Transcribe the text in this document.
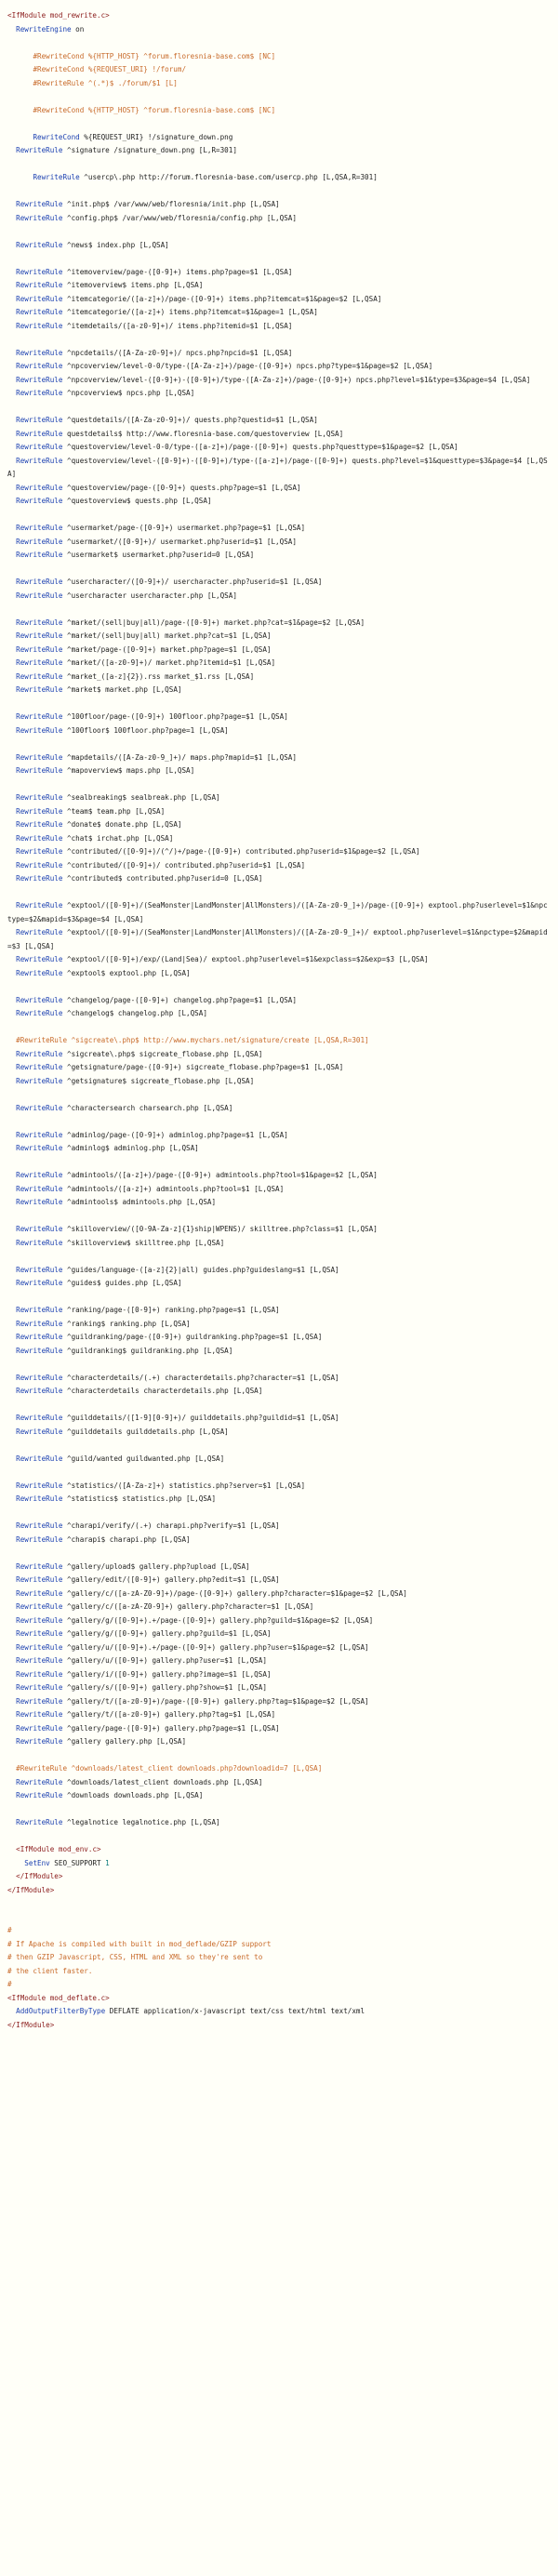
<IfModule mod_rewrite.c>
RewriteEngine on
#RewriteCond %{HTTP_HOST} ^forum.floresnia-base.com$ [NC]
#RewriteCond %{REQUEST_URI} !/forum/
#RewriteRule ^(.*)$ ./forum/$1 [L]
#RewriteCond %{HTTP_HOST} ^forum.floresnia-base.com$ [NC]
RewriteCond %{REQUEST_URI} !/signature_down.png
RewriteRule ^signature /signature_down.png [L,R=301]
RewriteRule ^usercp\.php http://forum.floresnia-base.com/usercp.php [L,QSA,R=301]
RewriteRule ^init.php$ /var/www/web/floresnia/init.php [L,QSA]
RewriteRule ^config.php$ /var/www/web/floresnia/config.php [L,QSA]
RewriteRule ^news$ index.php [L,QSA]
RewriteRule ^itemoverview/page-([0-9]+) items.php?page=$1 [L,QSA]
RewriteRule ^itemoverview$ items.php [L,QSA]
RewriteRule ^itemcategorie/([a-z]+)/page-([0-9]+) items.php?itemcat=$1&page=$2 [L,QSA]
RewriteRule ^itemcategorie/([a-z]+) items.php?itemcat=$1&page=1 [L,QSA]
RewriteRule ^itemdetails/([a-z0-9]+)/ items.php?itemid=$1 [L,QSA]
RewriteRule ^npcdetails/([A-Za-z0-9]+)/ npcs.php?npcid=$1 [L,QSA]
RewriteRule ^npcoverview/level-0-0/type-([A-Za-z]+)/page-([0-9]+) npcs.php?type=$1&page=$2 [L,QSA]
RewriteRule ^npcoverview/level-([0-9]+)-([0-9]+)/type-([A-Za-z]+)/page-([0-9]+) npcs.php?level=$1&type=$3&page=$4 [L,QSA]
RewriteRule ^npcoverview$ npcs.php [L,QSA]
RewriteRule ^questdetails/([A-Za-z0-9]+)/ quests.php?questid=$1 [L,QSA]
RewriteRule questdetails$ http://www.floresnia-base.com/questoverview [L,QSA]
RewriteRule ^questoverview/level-0-0/type-([a-z]+)/page-([0-9]+) quests.php?questtype=$1&page=$2 [L,QSA]
RewriteRule ^questoverview/level-([0-9]+)-([0-9]+)/type-([a-z]+)/page-([0-9]+) quests.php?level=$1&questtype=$3&page=$4 [L,QSA]
RewriteRule ^questoverview/page-([0-9]+) quests.php?page=$1 [L,QSA]
RewriteRule ^questoverview$ quests.php [L,QSA]
RewriteRule ^usermarket/page-([0-9]+) usermarket.php?page=$1 [L,QSA]
RewriteRule ^usermarket/([0-9]+)/ usermarket.php?userid=$1 [L,QSA]
RewriteRule ^usermarket$ usermarket.php?userid=0 [L,QSA]
RewriteRule ^usercharacter/([0-9]+)/ usercharacter.php?userid=$1 [L,QSA]
RewriteRule ^usercharacter usercharacter.php [L,QSA]
RewriteRule ^market/(sell|buy|all)/page-([0-9]+) market.php?cat=$1&page=$2 [L,QSA]
RewriteRule ^market/(sell|buy|all) market.php?cat=$1 [L,QSA]
RewriteRule ^market/page-([0-9]+) market.php?page=$1 [L,QSA]
RewriteRule ^market/([a-z0-9]+)/ market.php?itemid=$1 [L,QSA]
RewriteRule ^market_([a-z]{2}).rss market_$1.rss [L,QSA]
RewriteRule ^market$ market.php [L,QSA]
RewriteRule ^100floor/page-([0-9]+) 100floor.php?page=$1 [L,QSA]
RewriteRule ^100floor$ 100floor.php?page=1 [L,QSA]
RewriteRule ^mapdetails/([A-Za-z0-9_]+)/ maps.php?mapid=$1 [L,QSA]
RewriteRule ^mapoverview$ maps.php [L,QSA]
RewriteRule ^sealbreaking$ sealbreak.php [L,QSA]
RewriteRule ^team$ team.php [L,QSA]
RewriteRule ^donate$ donate.php [L,QSA]
RewriteRule ^chat$ irchat.php [L,QSA]
RewriteRule ^contributed/([0-9]+)/(^/)+/page-([0-9]+) contributed.php?userid=$1&page=$2 [L,QSA]
RewriteRule ^contributed/([0-9]+)/ contributed.php?userid=$1 [L,QSA]
RewriteRule ^contributed$ contributed.php?userid=0 [L,QSA]
RewriteRule ^exptool/([0-9]+)/(SeaMonster|LandMonster|AllMonsters)/([A-Za-z0-9_]+)/page-([0-9]+) exptool.php?userlevel=$1&npctype=$2&mapid=$3&page=$4 [L,QSA]
RewriteRule ^exptool/([0-9]+)/(SeaMonster|LandMonster|AllMonsters)/([A-Za-z0-9_]+)/ exptool.php?userlevel=$1&npctype=$2&mapid=$3 [L,QSA]
RewriteRule ^exptool/([0-9]+)/exp/(Land|Sea)/ exptool.php?userlevel=$1&expclass=$2&exp=$3 [L,QSA]
RewriteRule ^exptool$ exptool.php [L,QSA]
RewriteRule ^changelog/page-([0-9]+) changelog.php?page=$1 [L,QSA]
RewriteRule ^changelog$ changelog.php [L,QSA]
#RewriteRule ^sigcreate\.php$ http://www.mychars.net/signature/create [L,QSA,R=301]
RewriteRule ^sigcreate\.php$ sigcreate_flobase.php [L,QSA]
RewriteRule ^getsignature/page-([0-9]+) sigcreate_flobase.php?page=$1 [L,QSA]
RewriteRule ^getsignature$ sigcreate_flobase.php [L,QSA]
RewriteRule ^charactersearch charsearch.php [L,QSA]
RewriteRule ^adminlog/page-([0-9]+) adminlog.php?page=$1 [L,QSA]
RewriteRule ^adminlog$ adminlog.php [L,QSA]
RewriteRule ^admintools/([a-z]+)/page-([0-9]+) admintools.php?tool=$1&page=$2 [L,QSA]
RewriteRule ^admintools/([a-z]+) admintools.php?tool=$1 [L,QSA]
RewriteRule ^admintools$ admintools.php [L,QSA]
RewriteRule ^skilloverview/([0-9A-Za-z]{1}ship|WPENS)/ skilltree.php?class=$1 [L,QSA]
RewriteRule ^skilloverview$ skilltree.php [L,QSA]
RewriteRule ^guides/language-([a-z]{2}|all) guides.php?guideslang=$1 [L,QSA]
RewriteRule ^guides$ guides.php [L,QSA]
RewriteRule ^ranking/page-([0-9]+) ranking.php?page=$1 [L,QSA]
RewriteRule ^ranking$ ranking.php [L,QSA]
RewriteRule ^guildranking/page-([0-9]+) guildranking.php?page=$1 [L,QSA]
RewriteRule ^guildranking$ guildranking.php [L,QSA]
RewriteRule ^characterdetails/(.+) characterdetails.php?character=$1 [L,QSA]
RewriteRule ^characterdetails characterdetails.php [L,QSA]
RewriteRule ^guilddetails/([1-9][0-9]+)/ guilddetails.php?guildid=$1 [L,QSA]
RewriteRule ^guilddetails guilddetails.php [L,QSA]
RewriteRule ^guild/wanted guildwanted.php [L,QSA]
RewriteRule ^statistics/([A-Za-z]+) statistics.php?server=$1 [L,QSA]
RewriteRule ^statistics$ statistics.php [L,QSA]
RewriteRule ^charapi/verify/(.+) charapi.php?verify=$1 [L,QSA]
RewriteRule ^charapi$ charapi.php [L,QSA]
RewriteRule ^gallery/upload$ gallery.php?upload [L,QSA]
RewriteRule ^gallery/edit/([0-9]+) gallery.php?edit=$1 [L,QSA]
RewriteRule ^gallery/c/([a-zA-Z0-9]+)/page-([0-9]+) gallery.php?character=$1&page=$2 [L,QSA]
RewriteRule ^gallery/c/([a-zA-Z0-9]+) gallery.php?character=$1 [L,QSA]
RewriteRule ^gallery/g/([0-9]+).+/page-([0-9]+) gallery.php?guild=$1&page=$2 [L,QSA]
RewriteRule ^gallery/g/([0-9]+) gallery.php?guild=$1 [L,QSA]
RewriteRule ^gallery/u/([0-9]+).+/page-([0-9]+) gallery.php?user=$1&page=$2 [L,QSA]
RewriteRule ^gallery/u/([0-9]+) gallery.php?user=$1 [L,QSA]
RewriteRule ^gallery/i/([0-9]+) gallery.php?image=$1 [L,QSA]
RewriteRule ^gallery/s/([0-9]+) gallery.php?show=$1 [L,QSA]
RewriteRule ^gallery/t/([a-z0-9]+)/page-([0-9]+) gallery.php?tag=$1&page=$2 [L,QSA]
RewriteRule ^gallery/t/([a-z0-9]+) gallery.php?tag=$1 [L,QSA]
RewriteRule ^gallery/page-([0-9]+) gallery.php?page=$1 [L,QSA]
RewriteRule ^gallery gallery.php [L,QSA]
#RewriteRule ^downloads/latest_client downloads.php?downloadid=7 [L,QSA]
RewriteRule ^downloads/latest_client downloads.php [L,QSA]
RewriteRule ^downloads downloads.php [L,QSA]
RewriteRule ^legalnotice legalnotice.php [L,QSA]
<IfModule mod_env.c>
SetEnv SEO_SUPPORT 1
</IfModule>
</IfModule>
#
# If Apache is compiled with built in mod_deflade/GZIP support
# then GZIP Javascript, CSS, HTML and XML so they're sent to
# the client faster.
#
<IfModule mod_deflate.c>
AddOutputFilterByType DEFLATE application/x-javascript text/css text/html text/xml
</IfModule>
